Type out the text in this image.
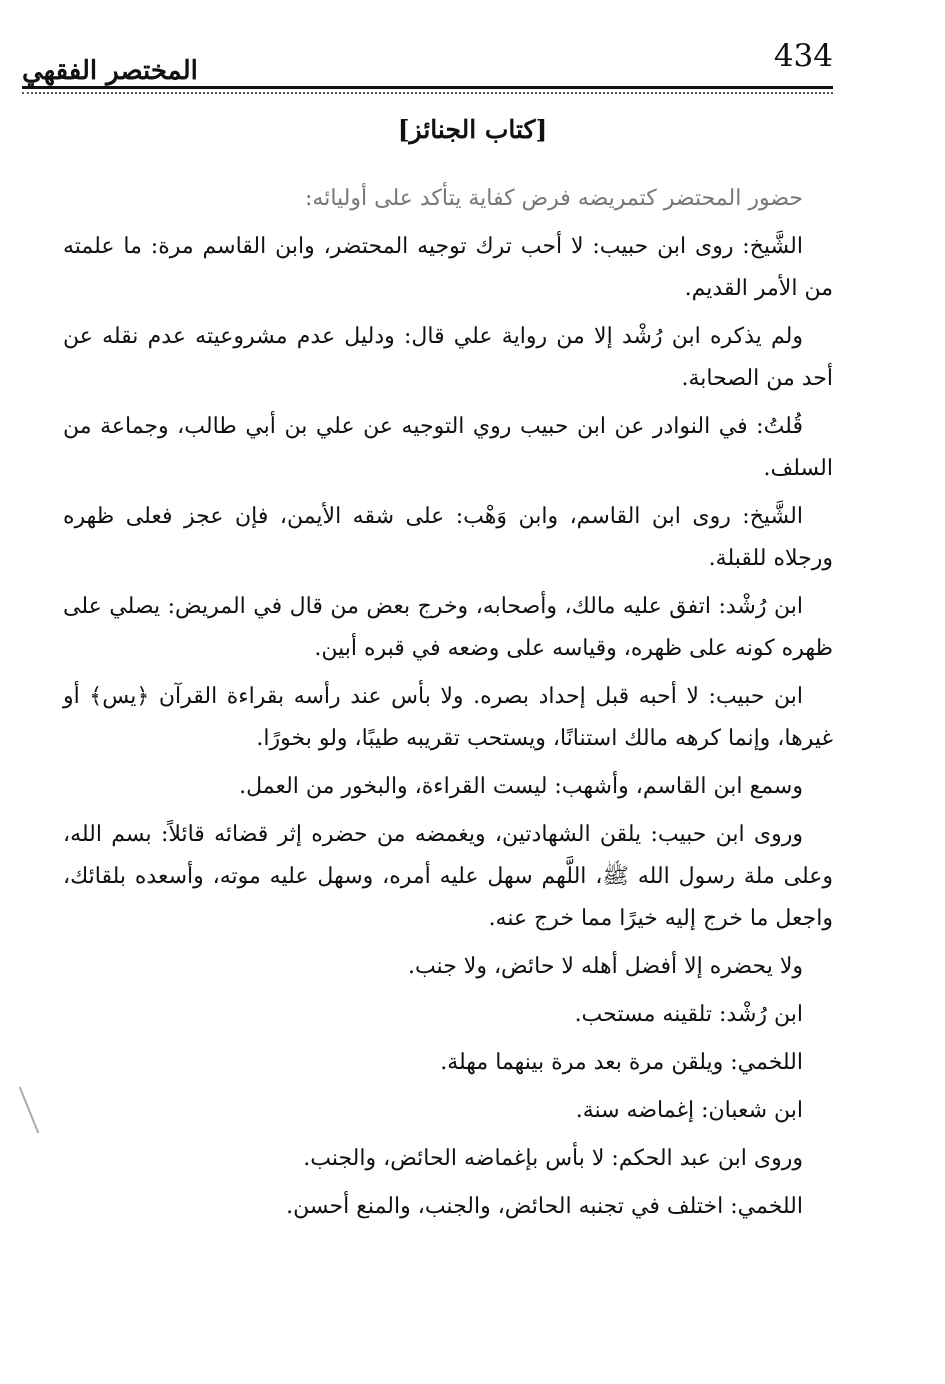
المختصر الفقهي	434
[كتاب الجنائز]

حضور المحتضر كتمريضه فرض كفاية يتأكد على أوليائه:

الشَّيخ: روى ابن حبيب: لا أحب ترك توجيه المحتضر، وابن القاسم مرة: ما علمته من الأمر القديم.

ولم يذكره ابن رُشْد إلا من رواية علي قال: ودليل عدم مشروعيته عدم نقله عن أحد من الصحابة.

قُلتُ: في النوادر عن ابن حبيب روي التوجيه عن علي بن أبي طالب، وجماعة من السلف.

الشَّيخ: روى ابن القاسم، وابن وَهْب: على شقه الأيمن، فإن عجز فعلى ظهره ورجلاه للقبلة.

ابن رُشْد: اتفق عليه مالك، وأصحابه، وخرج بعض من قال في المريض: يصلي على ظهره كونه على ظهره، وقياسه على وضعه في قبره أبين.

ابن حبيب: لا أحبه قبل إحداد بصره. ولا بأس عند رأسه بقراءة القرآن ﴿يس﴾ أو غيرها، وإنما كرهه مالك استنانًا، ويستحب تقريبه طيبًا، ولو بخورًا.

وسمع ابن القاسم، وأشهب: ليست القراءة، والبخور من العمل.

وروى ابن حبيب: يلقن الشهادتين، ويغمضه من حضره إثر قضائه قائلاً: بسم الله، وعلى ملة رسول الله ﷺ، اللَّهم سهل عليه أمره، وسهل عليه موته، وأسعده بلقائك، واجعل ما خرج إليه خيرًا مما خرج عنه.

ولا يحضره إلا أفضل أهله لا حائض، ولا جنب.

ابن رُشْد: تلقينه مستحب.

اللخمي: ويلقن مرة بعد مرة بينهما مهلة.

ابن شعبان: إغماضه سنة.

وروى ابن عبد الحكم: لا بأس بإغماضه الحائض، والجنب.

اللخمي: اختلف في تجنبه الحائض، والجنب، والمنع أحسن.
